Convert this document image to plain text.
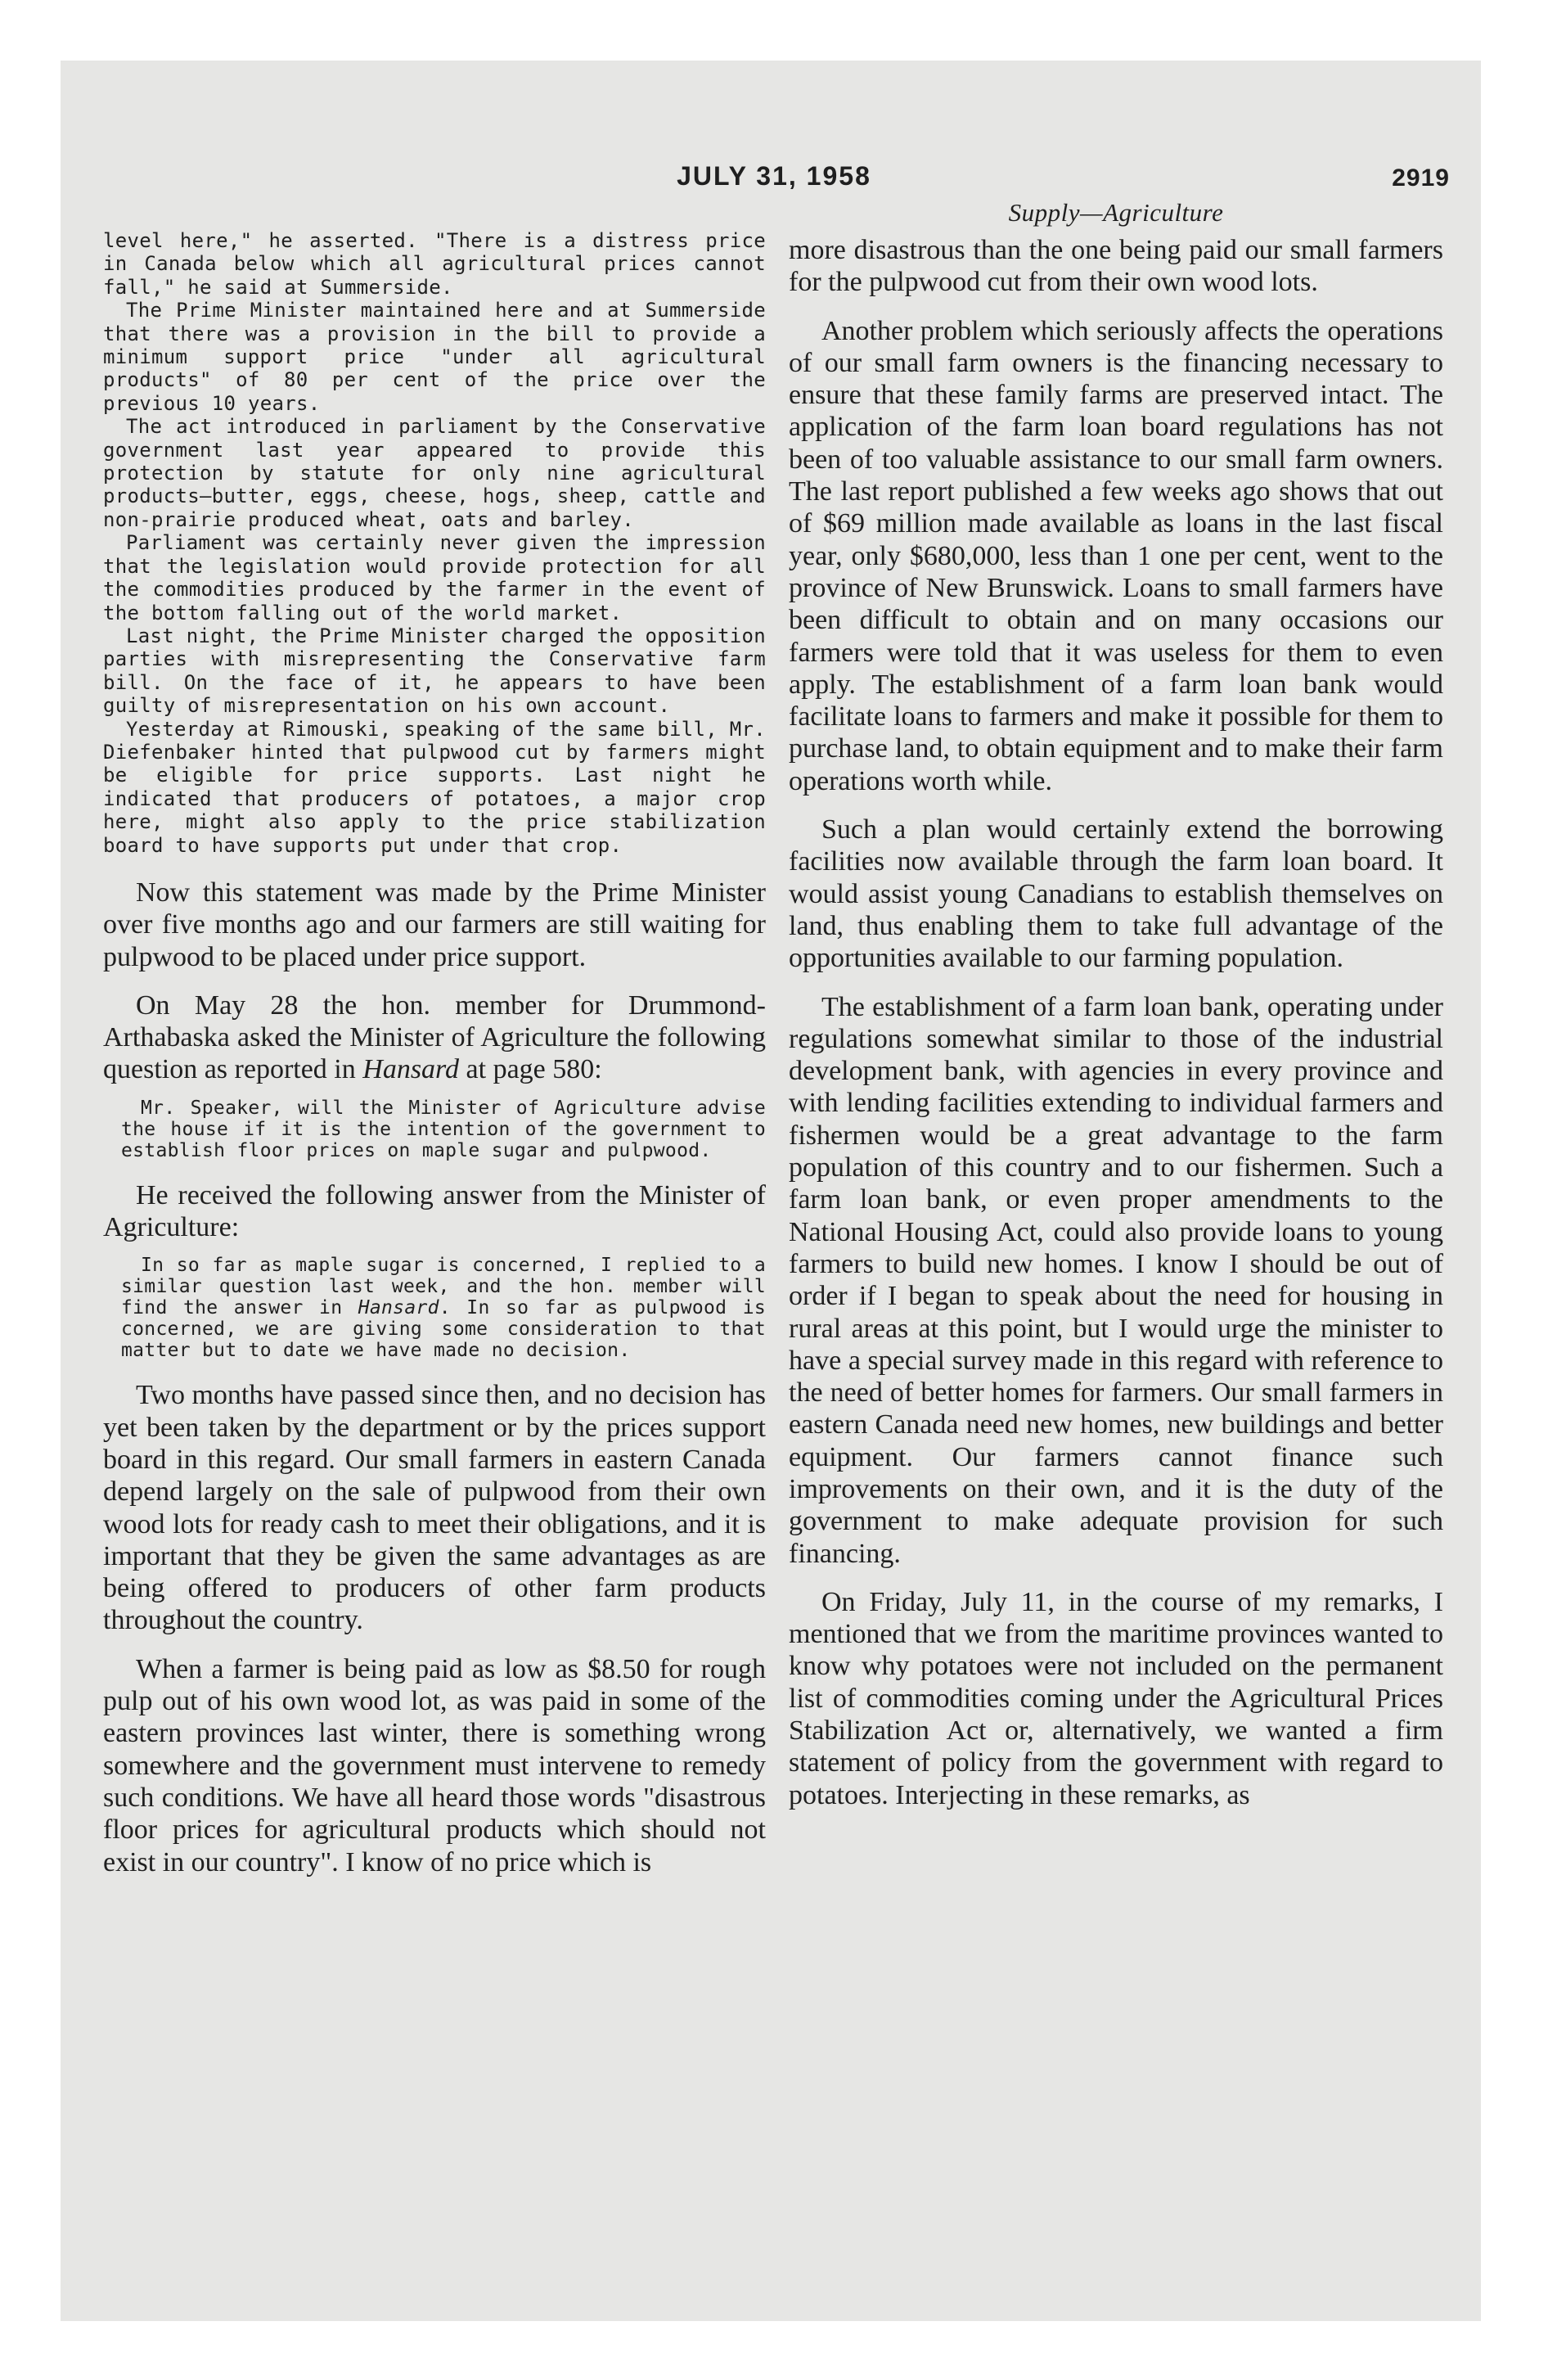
JULY 31, 1958	2919

level here," he asserted. "There is a distress price in Canada below which all agricultural prices cannot fall," he said at Summerside.

The Prime Minister maintained here and at Summerside that there was a provision in the bill to provide a minimum support price "under all agricultural products" of 80 per cent of the price over the previous 10 years.

The act introduced in parliament by the Conservative government last year appeared to provide this protection by statute for only nine agricultural products—butter, eggs, cheese, hogs, sheep, cattle and non-prairie produced wheat, oats and barley.

Parliament was certainly never given the impression that the legislation would provide protection for all the commodities produced by the farmer in the event of the bottom falling out of the world market.

Last night, the Prime Minister charged the opposition parties with misrepresenting the Conservative farm bill. On the face of it, he appears to have been guilty of misrepresentation on his own account.

Yesterday at Rimouski, speaking of the same bill, Mr. Diefenbaker hinted that pulpwood cut by farmers might be eligible for price supports. Last night he indicated that producers of potatoes, a major crop here, might also apply to the price stabilization board to have supports put under that crop.

Now this statement was made by the Prime Minister over five months ago and our farmers are still waiting for pulpwood to be placed under price support.

On May 28 the hon. member for Drummond-Arthabaska asked the Minister of Agriculture the following question as reported in Hansard at page 580:

Mr. Speaker, will the Minister of Agriculture advise the house if it is the intention of the government to establish floor prices on maple sugar and pulpwood.

He received the following answer from the Minister of Agriculture:

In so far as maple sugar is concerned, I replied to a similar question last week, and the hon. member will find the answer in Hansard. In so far as pulpwood is concerned, we are giving some consideration to that matter but to date we have made no decision.

Two months have passed since then, and no decision has yet been taken by the department or by the prices support board in this regard. Our small farmers in eastern Canada depend largely on the sale of pulpwood from their own wood lots for ready cash to meet their obligations, and it is important that they be given the same advantages as are being offered to producers of other farm products throughout the country.

When a farmer is being paid as low as $8.50 for rough pulp out of his own wood lot, as was paid in some of the eastern provinces last winter, there is something wrong somewhere and the government must intervene to remedy such conditions. We have all heard those words "disastrous floor prices for agricultural products which should not exist in our country". I know of no price which is

Supply—Agriculture

more disastrous than the one being paid our small farmers for the pulpwood cut from their own wood lots.

Another problem which seriously affects the operations of our small farm owners is the financing necessary to ensure that these family farms are preserved intact. The application of the farm loan board regulations has not been of too valuable assistance to our small farm owners. The last report published a few weeks ago shows that out of $69 million made available as loans in the last fiscal year, only $680,000, less than 1 one per cent, went to the province of New Brunswick. Loans to small farmers have been difficult to obtain and on many occasions our farmers were told that it was useless for them to even apply. The establishment of a farm loan bank would facilitate loans to farmers and make it possible for them to purchase land, to obtain equipment and to make their farm operations worth while.

Such a plan would certainly extend the borrowing facilities now available through the farm loan board. It would assist young Canadians to establish themselves on land, thus enabling them to take full advantage of the opportunities available to our farming population.

The establishment of a farm loan bank, operating under regulations somewhat similar to those of the industrial development bank, with agencies in every province and with lending facilities extending to individual farmers and fishermen would be a great advantage to the farm population of this country and to our fishermen. Such a farm loan bank, or even proper amendments to the National Housing Act, could also provide loans to young farmers to build new homes. I know I should be out of order if I began to speak about the need for housing in rural areas at this point, but I would urge the minister to have a special survey made in this regard with reference to the need of better homes for farmers. Our small farmers in eastern Canada need new homes, new buildings and better equipment. Our farmers cannot finance such improvements on their own, and it is the duty of the government to make adequate provision for such financing.

On Friday, July 11, in the course of my remarks, I mentioned that we from the maritime provinces wanted to know why potatoes were not included on the permanent list of commodities coming under the Agricultural Prices Stabilization Act or, alternatively, we wanted a firm statement of policy from the government with regard to potatoes. Interjecting in these remarks, as
